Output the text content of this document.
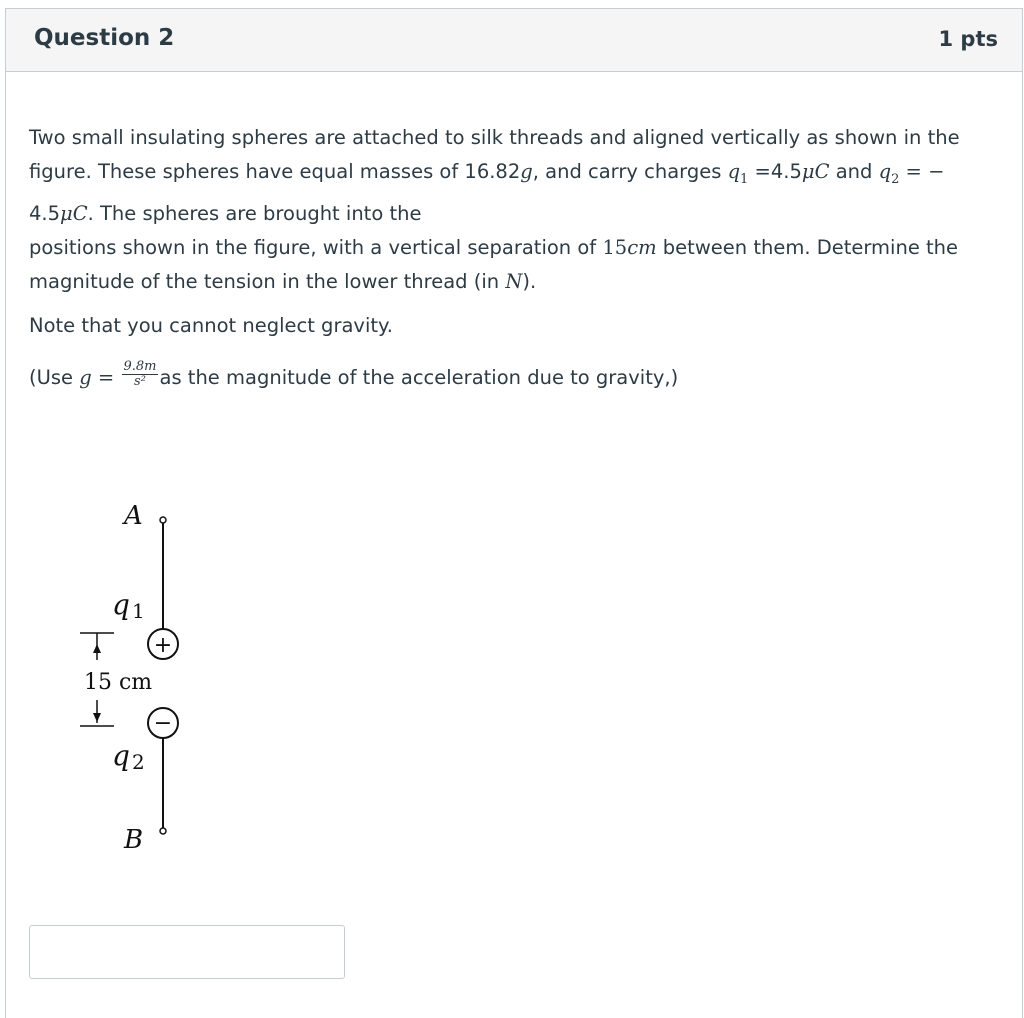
Question 2	1 pts

Two small insulating spheres are attached to silk threads and aligned vertically as shown in the figure. These spheres have equal masses of 16.82g, and carry charges $q_1 =4.5\mu C$ and $q_2$ = − 4.5μC. The spheres are brought into the

positions shown in the figure, with a vertical separation of 15cm between them. Determine the magnitude of the tension in the lower thread (in N).

Note that you cannot neglect gravity.
(Use $g = \frac{9.8m}{\text{s²}}$ as the magnitude of the acceleration due to gravity,)
A
q 1
+
15 cm
−
q 2
B
